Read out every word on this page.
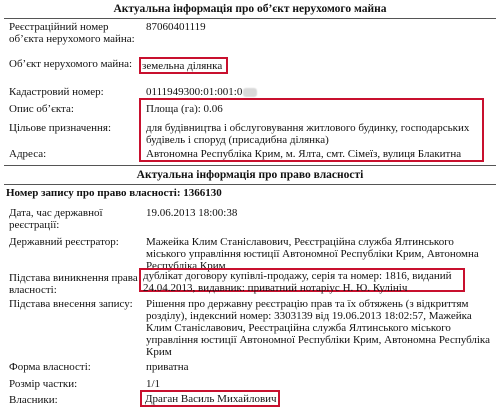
Актуальна інформація про об’єкт нерухомого майна
Реєстраційний номер об’єкта нерухомого майна:
87060401119
Об’єкт нерухомого майна: земельна ділянка
Кадастровий номер:	0111949300:01:001:0
Опис об’єкта:	Площа (га): 0.06
Цільове призначення:	для будівництва і обслуговування житлового будинку, господарських будівель і споруд (присадибна ділянка)
Адреса:	Автономна Республіка Крим, м. Ялта, смт. Сімеїз, вулиця Блакитна
Актуальна інформація про право власності
Номер запису про право власності: 1366130
Дата, час державної реєстрації:
19.06.2013 18:00:38
Державний реєстратор:	Мажейка Клим Станіславович, Реєстраційна служба Ялтинського міського управління юстиції Автономної Республіки Крим, Автономна Республіка Крим
Підстава виникнення права власності:
дублікат договору купівлі-продажу, серія та номер: 1816, виданий 24.04.2013, видавник: приватний нотаріус Н. Ю. Кулініч
Підстава внесення запису:	Рішення про державну реєстрацію прав та їх обтяжень (з відкриттям розділу), індексний номер: 3303139 від 19.06.2013 18:02:57, Мажейка Клим Станіславович, Реєстраційна служба Ялтинського міського управління юстиції Автономної Республіки Крим, Автономна Республіка Крим
Форма власності:	приватна
Розмір частки:	1/1
Власники:	Драган Василь Михайлович
